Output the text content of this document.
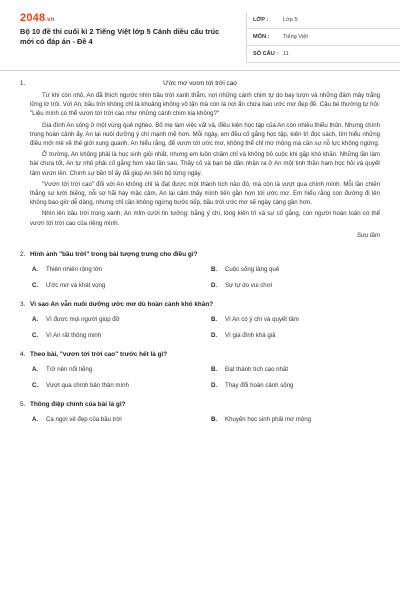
2048.vn
Bộ 10 đề thi cuối kì 2 Tiếng Việt lớp 5 Cánh diều cấu trúc mới có đáp án - Đề 4
LỚP :	Lớp 5
MÔN :	Tiếng Việt
SỐ CÂU : 11
1.	Ước mơ vươn tới trời cao

Từ khi còn nhỏ, An đã thích ngước nhìn bầu trời xanh thẳm, nơi những cánh chim tự do bay lượn và những đám mây trắng lững lờ trôi. Với An, bầu trời không chỉ là khoảng không vô tận mà còn là nơi ẩn chứa bao ước mơ đẹp đẽ. Cậu bé thường tự hỏi: "Liệu mình có thể vươn tới trời cao như những cánh chim kia không?"

Gia đình An sống ở một vùng quê nghèo. Bố mẹ làm việc vất vả, điều kiện học tập của An còn nhiều thiếu thốn. Nhưng chính trong hoàn cảnh ấy, An lại nuôi dưỡng ý chí mạnh mẽ hơn. Mỗi ngày, em đều cố gắng học tập, kiên trì đọc sách, tìm hiểu những điều mới mẻ về thế giới xung quanh. An hiểu rằng, để vươn tới ước mơ, không thể chỉ mơ mộng mà cần sự nỗ lực không ngừng.

Ở trường, An không phải là học sinh giỏi nhất, nhưng em luôn chăm chỉ và không bỏ cuộc khi gặp khó khăn. Những lần làm bài chưa tốt, An tự nhủ phải cố gắng hơn vào lần sau. Thầy cô và bạn bè dần nhận ra ở An một tinh thần ham học hỏi và quyết tâm vươn lên. Chính sự bền bỉ ấy đã giúp An tiến bộ từng ngày.

"Vươn tới trời cao" đối với An không chỉ là đạt được một thành tích nào đó, mà còn là vượt qua chính mình. Mỗi lần chiến thắng sự lười biếng, nỗi sợ hãi hay mặc cảm, An lại cảm thấy mình tiến gần hơn tới ước mơ. Em hiểu rằng con đường đi lên không bao giờ dễ dàng, nhưng chỉ cần không ngừng bước tiếp, bầu trời ước mơ sẽ ngày càng gần hơn.

Nhìn lên bầu trời trong xanh, An mỉm cười tin tưởng: bằng ý chí, lòng kiên trì và sự cố gắng, con người hoàn toàn có thể vươn tới trời cao của riêng mình.

Sưu tầm
2. Hình ảnh "bầu trời" trong bài tượng trưng cho điều gì?
A.	Thiên nhiên rộng lớn	B.	Cuộc sống làng quê
C.	Ước mơ và khát vọng	D.	Sự tự do vui chơi
3. Vì sao An vẫn nuôi dưỡng ước mơ dù hoàn cảnh khó khăn?
A.	Vì được mọi người giúp đỡ	B.	Vì An có ý chí và quyết tâm
C.	Vì An rất thông minh	D.	Vì gia đình khá giả
4. Theo bài, "vươn tới trời cao" trước hết là gì?
A.	Trở nên nổi tiếng	B.	Đạt thành tích cao nhất
C.	Vượt qua chính bản thân mình	D.	Thay đổi hoàn cảnh sống
5. Thông điệp chính của bài là gì?
A.	Ca ngợi vẻ đẹp của bầu trời	B.	Khuyến học sinh phải mơ mộng
